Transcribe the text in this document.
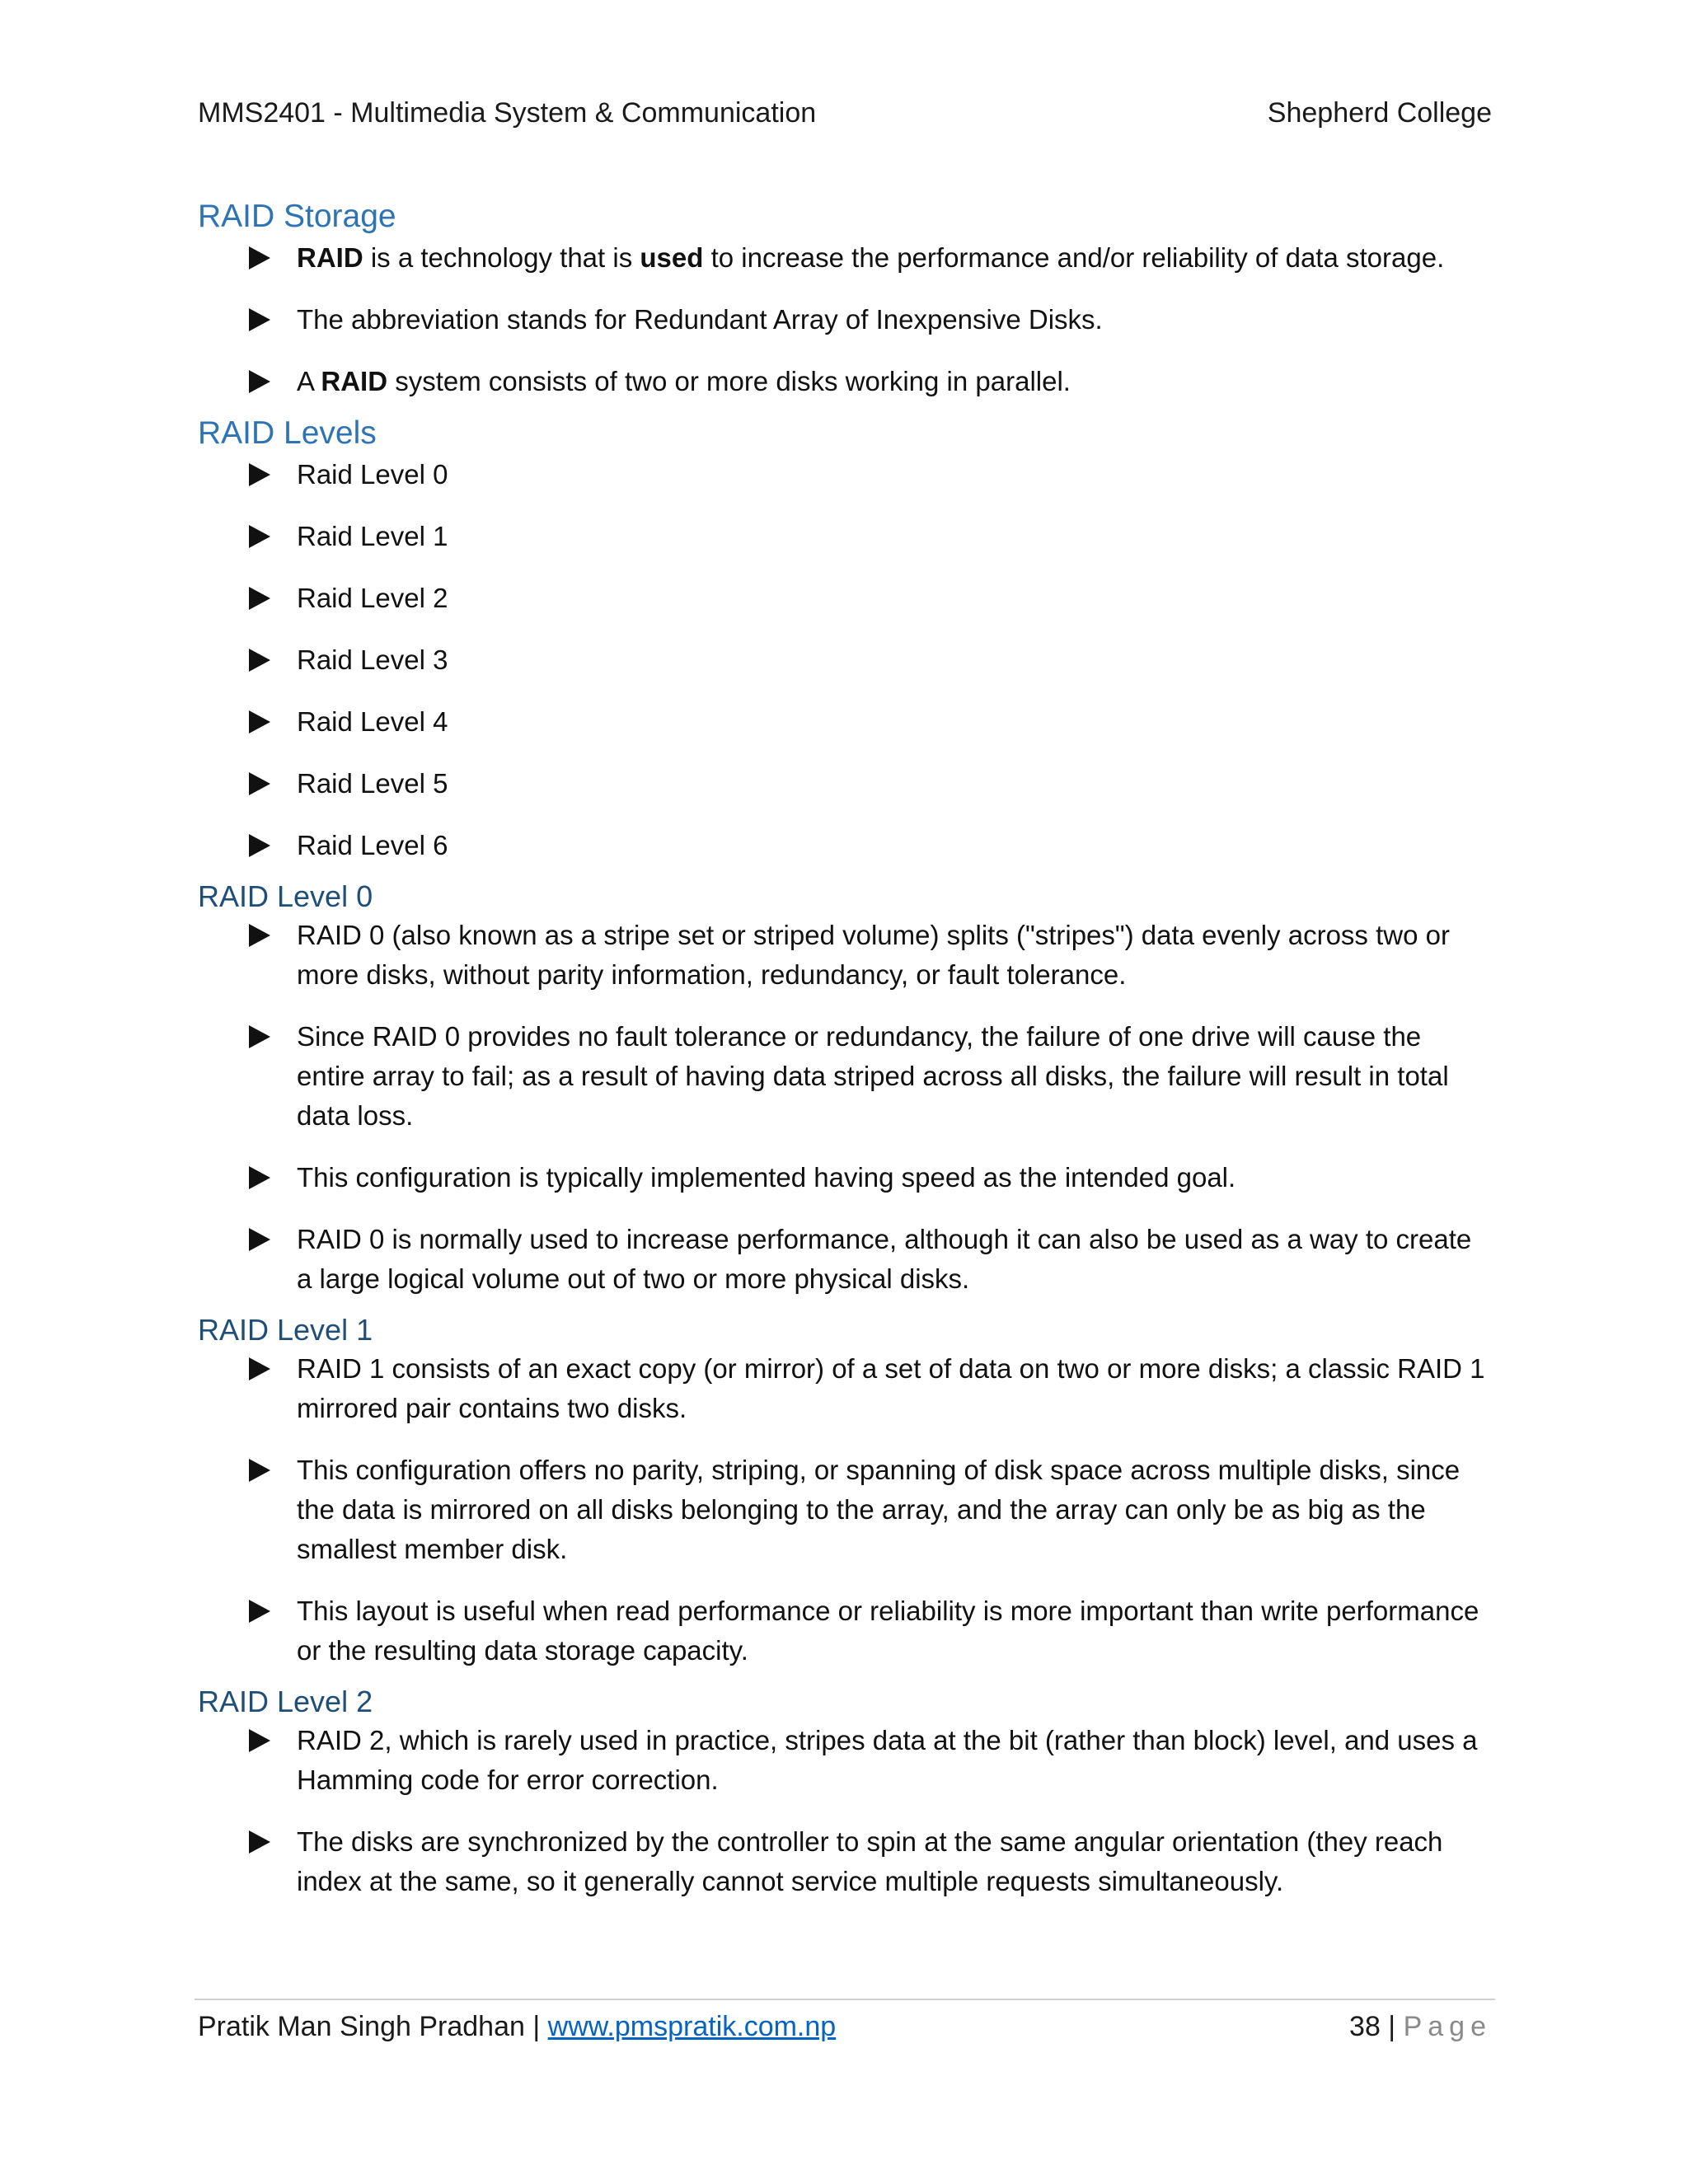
MMS2401 - Multimedia System & Communication	Shepherd College
RAID Storage
RAID is a technology that is used to increase the performance and/or reliability of data storage.
The abbreviation stands for Redundant Array of Inexpensive Disks.
A RAID system consists of two or more disks working in parallel.
RAID Levels
Raid Level 0
Raid Level 1
Raid Level 2
Raid Level 3
Raid Level 4
Raid Level 5
Raid Level 6
RAID Level 0
RAID 0 (also known as a stripe set or striped volume) splits ("stripes") data evenly across two or more disks, without parity information, redundancy, or fault tolerance.
Since RAID 0 provides no fault tolerance or redundancy, the failure of one drive will cause the entire array to fail; as a result of having data striped across all disks, the failure will result in total data loss.
This configuration is typically implemented having speed as the intended goal.
RAID 0 is normally used to increase performance, although it can also be used as a way to create a large logical volume out of two or more physical disks.
RAID Level 1
RAID 1 consists of an exact copy (or mirror) of a set of data on two or more disks; a classic RAID 1 mirrored pair contains two disks.
This configuration offers no parity, striping, or spanning of disk space across multiple disks, since the data is mirrored on all disks belonging to the array, and the array can only be as big as the smallest member disk.
This layout is useful when read performance or reliability is more important than write performance or the resulting data storage capacity.
RAID Level 2
RAID 2, which is rarely used in practice, stripes data at the bit (rather than block) level, and uses a Hamming code for error correction.
The disks are synchronized by the controller to spin at the same angular orientation (they reach index at the same, so it generally cannot service multiple requests simultaneously.
Pratik Man Singh Pradhan | www.pmspratik.com.np	38 | Page
